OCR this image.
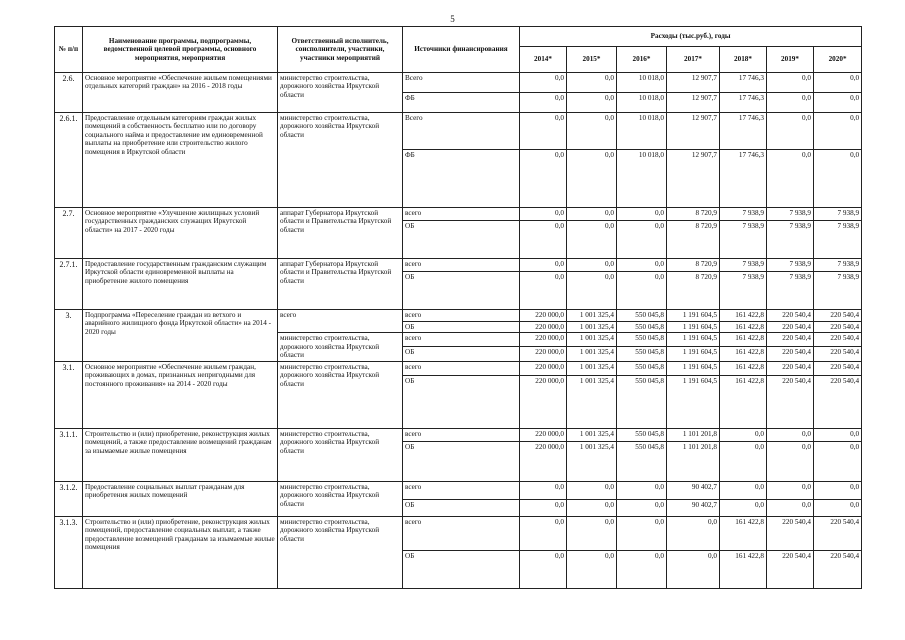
5
№ п/п	Наименование программы, подпрограммы, ведомственной целевой программы, основного мероприятия, мероприятия	Ответственный исполнитель, соисполнители, участники, участники мероприятий	Источники финансирования	Расходы (тыс.руб.), годы						
				2014*	2015*	2016*	2017*	2018*	2019*	2020*
2.6.	Основное мероприятие «Обеспечение жильем помещениями отдельных категорий граждан» на 2016 - 2018 годы	министерство строительства, дорожного хозяйства Иркутской области	Всего	0,0	0,0	10 018,0	12 907,7	17 746,3	0,0	0,0
			ФБ	0,0	0,0	10 018,0	12 907,7	17 746,3	0,0	0,0
2.6.1.	Предоставление отдельным категориям граждан жилых помещений в собственность бесплатно или по договору социального найма и предоставление им единовременной выплаты на приобретение или строительство жилого помещения в Иркутской области	министерство строительства, дорожного хозяйства Иркутской области	Всего	0,0	0,0	10 018,0	12 907,7	17 746,3	0,0	0,0
			ФБ	0,0	0,0	10 018,0	12 907,7	17 746,3	0,0	0,0
2.7.	Основное мероприятие «Улучшение жилищных условий государственных гражданских служащих Иркутской области» на 2017 - 2020 годы	аппарат Губернатора Иркутской области и Правительства Иркутской области	всего	0,0	0,0	0,0	8 720,9	7 938,9	7 938,9	7 938,9
			ОБ	0,0	0,0	0,0	8 720,9	7 938,9	7 938,9	7 938,9
2.7.1.	Предоставление государственным гражданским служащим Иркутской области единовременной выплаты на приобретение жилого помещения	аппарат Губернатора Иркутской области и Правительства Иркутской области	всего	0,0	0,0	0,0	8 720,9	7 938,9	7 938,9	7 938,9
			ОБ	0,0	0,0	0,0	8 720,9	7 938,9	7 938,9	7 938,9
3.	Подпрограмма «Переселение граждан из ветхого и аварийного жилищного фонда Иркутской области» на 2014 - 2020 годы	всего	всего	220 000,0	1 001 325,4	550 045,8	1 191 604,5	161 422,8	220 540,4	220 540,4
			ОБ	220 000,0	1 001 325,4	550 045,8	1 191 604,5	161 422,8	220 540,4	220 540,4
		министерство строительства, дорожного хозяйства Иркутской области	всего	220 000,0	1 001 325,4	550 045,8	1 191 604,5	161 422,8	220 540,4	220 540,4
			ОБ	220 000,0	1 001 325,4	550 045,8	1 191 604,5	161 422,8	220 540,4	220 540,4
3.1.	Основное мероприятие «Обеспечение жильем граждан, проживающих в домах, признанных непригодными для постоянного проживания» на 2014 - 2020 годы	министерство строительства, дорожного хозяйства Иркутской области	всего	220 000,0	1 001 325,4	550 045,8	1 191 604,5	161 422,8	220 540,4	220 540,4
			ОБ	220 000,0	1 001 325,4	550 045,8	1 191 604,5	161 422,8	220 540,4	220 540,4
3.1.1.	Строительство и (или) приобретение, реконструкция жилых помещений, а также предоставление возмещений гражданам за изымаемые жилые помещения	министерство строительства, дорожного хозяйства Иркутской области	всего	220 000,0	1 001 325,4	550 045,8	1 101 201,8	0,0	0,0	0,0
			ОБ	220 000,0	1 001 325,4	550 045,8	1 101 201,8	0,0	0,0	0,0
3.1.2.	Предоставление социальных выплат гражданам для приобретения жилых помещений	министерство строительства, дорожного хозяйства Иркутской области	всего	0,0	0,0	0,0	90 402,7	0,0	0,0	0,0
			ОБ	0,0	0,0	0,0	90 402,7	0,0	0,0	0,0
3.1.3.	Строительство и (или) приобретение, реконструкция жилых помещений, предоставление социальных выплат, а также предоставление возмещений гражданам за изымаемые жилые помещения	министерство строительства, дорожного хозяйства Иркутской области	всего	0,0	0,0	0,0	0,0	161 422,8	220 540,4	220 540,4
			ОБ	0,0	0,0	0,0	0,0	161 422,8	220 540,4	220 540,4
